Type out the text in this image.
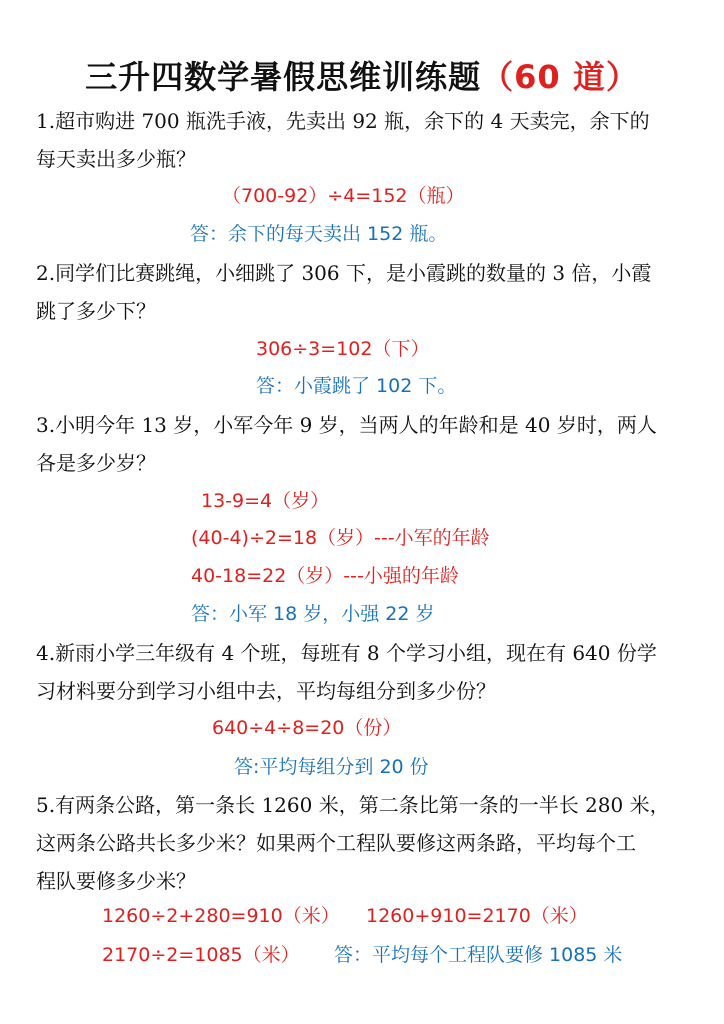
三升四数学暑假思维训练题（60 道）
1.超市购进 700 瓶洗手液，先卖出 92 瓶，余下的 4 天卖完，余下的
每天卖出多少瓶？
（700-92）÷4=152（瓶）
答：余下的每天卖出 152 瓶。
2.同学们比赛跳绳，小细跳了 306 下，是小霞跳的数量的 3 倍，小霞
跳了多少下？
306÷3=102（下）
答：小霞跳了 102 下。
3.小明今年 13 岁，小军今年 9 岁，当两人的年龄和是 40 岁时，两人
各是多少岁？
13-9=4（岁）
(40-4)÷2=18（岁）---小军的年龄
40-18=22（岁）---小强的年龄
答：小军 18 岁，小强 22 岁
4.新雨小学三年级有 4 个班，每班有 8 个学习小组，现在有 640 份学
习材料要分到学习小组中去，平均每组分到多少份？
640÷4÷8=20（份）
答:平均每组分到 20 份
5.有两条公路，第一条长 1260 米，第二条比第一条的一半长 280 米，
这两条公路共长多少米？如果两个工程队要修这两条路，平均每个工
程队要修多少米？
1260÷2+280=910（米） 1260+910=2170（米）
2170÷2=1085（米） 答：平均每个工程队要修 1085 米
